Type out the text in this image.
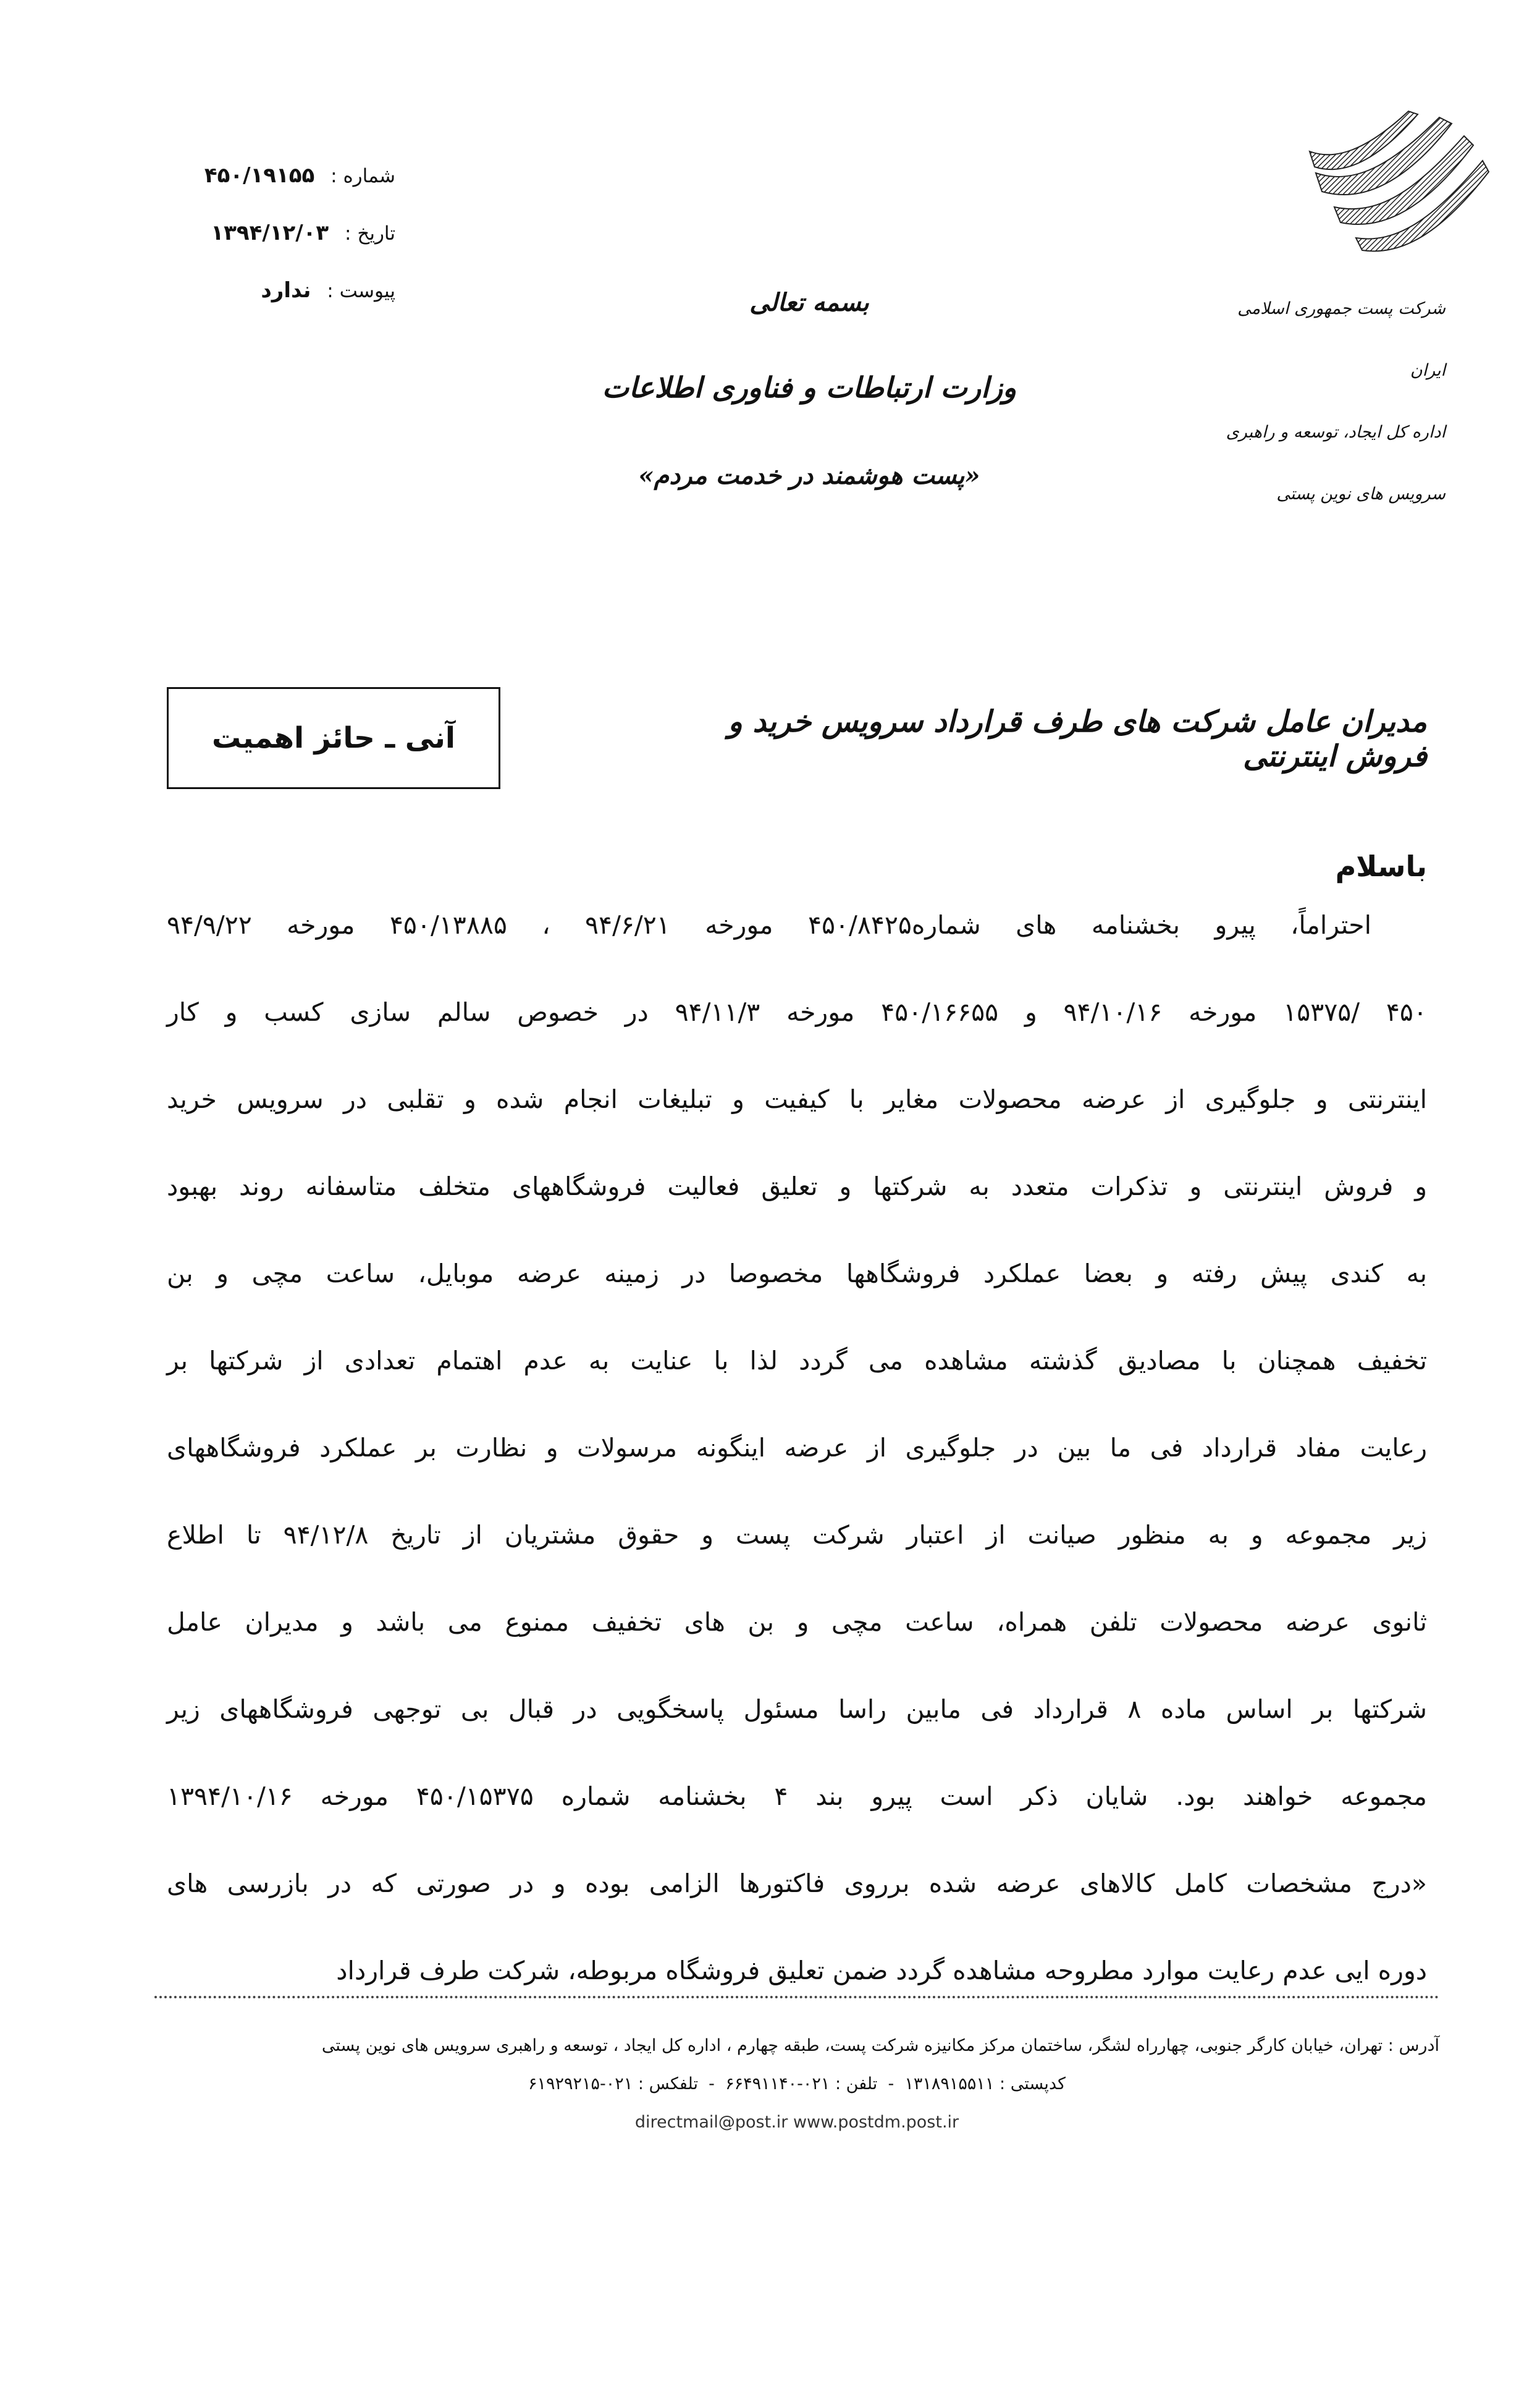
شماره : ۴۵۰/۱۹۱۵۵
تاریخ : ۱۳۹۴/۱۲/۰۳
پیوست : ندارد
شرکت پست جمهوری اسلامی ایران
اداره کل ایجاد، توسعه و راهبری
سرویس های نوین پستی
بسمه تعالی
وزارت ارتباطات و فناوری اطلاعات
«پست هوشمند در خدمت مردم»
آنی ـ حائز اهمیت	مدیران عامل شرکت های طرف قرارداد سرویس خرید و فروش اینترنتی
باسلام
احتراماً، پیرو بخشنامه های شماره۴۵۰/۸۴۲۵ مورخه ۹۴/۶/۲۱ ، ۴۵۰/۱۳۸۸۵ مورخه ۹۴/۹/۲۲
۴۵۰ /۱۵۳۷۵ مورخه ۹۴/۱۰/۱۶ و ۴۵۰/۱۶۶۵۵ مورخه ۹۴/۱۱/۳ در خصوص سالم سازی کسب و کار
اینترنتی و جلوگیری از عرضه محصولات مغایر با کیفیت و تبلیغات انجام شده و تقلبی در سرویس خرید
و فروش اینترنتی و تذکرات متعدد به شرکتها و تعلیق فعالیت فروشگاههای متخلف متاسفانه روند بهبود
به کندی پیش رفته و بعضا عملکرد فروشگاهها مخصوصا در زمینه عرضه موبایل، ساعت مچی و بن
تخفیف همچنان با مصادیق گذشته مشاهده می گردد لذا با عنایت به عدم اهتمام تعدادی از شرکتها بر
رعایت مفاد قرارداد فی ما بین در جلوگیری از عرضه اینگونه مرسولات و نظارت بر عملکرد فروشگاههای
زیر مجموعه و به منظور صیانت از اعتبار شرکت پست و حقوق مشتریان از تاریخ ۹۴/۱۲/۸ تا اطلاع
ثانوی عرضه محصولات تلفن همراه، ساعت مچی و بن های تخفیف ممنوع می باشد و مدیران عامل
شرکتها بر اساس ماده ۸ قرارداد فی مابین راسا مسئول پاسخگویی در قبال بی توجهی فروشگاههای زیر
مجموعه خواهند بود. شایان ذکر است پیرو بند ۴ بخشنامه شماره ۴۵۰/۱۵۳۷۵ مورخه ۱۳۹۴/۱۰/۱۶
«درج مشخصات کامل کالاهای عرضه شده برروی فاکتورها الزامی بوده و در صورتی که در بازرسی های
دوره ایی عدم رعایت موارد مطروحه مشاهده گردد ضمن تعلیق فروشگاه مربوطه، شرکت طرف قرارداد
آدرس : تهران، خیابان کارگر جنوبی، چهارراه لشگر، ساختمان مرکز مکانیزه شرکت پست، طبقه چهارم ، اداره کل ایجاد ، توسعه و راهبری سرویس های نوین پستی
کدپستی : ۱۳۱۸۹۱۵۵۱۱  -  تلفن : ۰۲۱-۶۶۴۹۱۱۴۰  -  تلفکس : ۰۲۱-۶۱۹۲۹۲۱۵
directmail@post.ir www.postdm.post.ir
